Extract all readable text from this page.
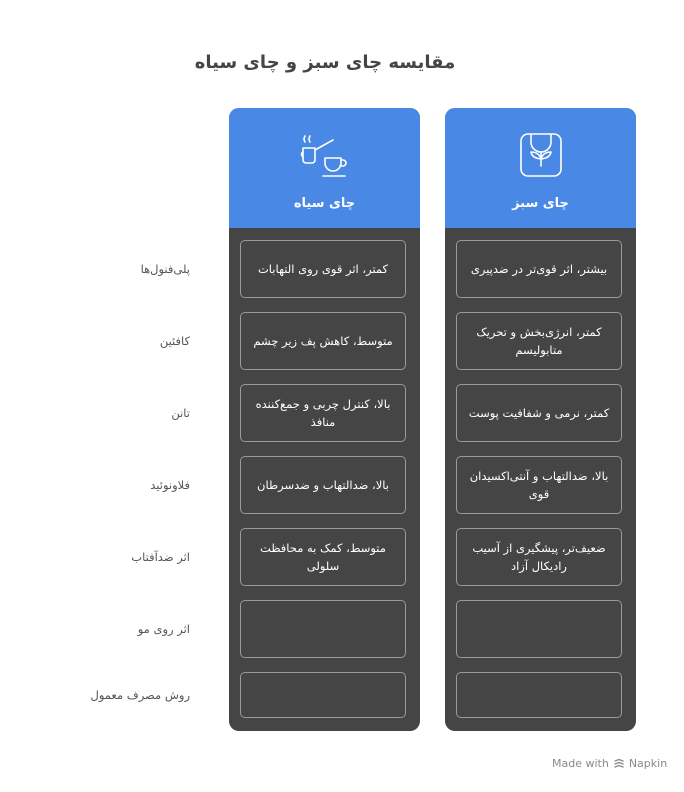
مقایسه چای سبز و چای سیاه
چای سیاه
کمتر، اثر قوی روی التهابات
متوسط، کاهش پف زیر چشم
بالا، کنترل چربی و جمع‌کننده منافذ
بالا، ضدالتهاب و ضدسرطان
متوسط، کمک به محافظت سلولی
چای سبز
بیشتر، اثر قوی‌تر در ضدپیری
کمتر، انرژی‌بخش و تحریک متابولیسم
کمتر، نرمی و شفافیت پوست
بالا، ضدالتهاب و آنتی‌اکسیدان قوی
ضعیف‌تر، پیشگیری از آسیب رادیکال آزاد
پلی‌فنول‌ها
کافئین
تانن
فلاونوئید
اثر ضدآفتاب
اثر روی مو
روش مصرف معمول
Made with Napkin
